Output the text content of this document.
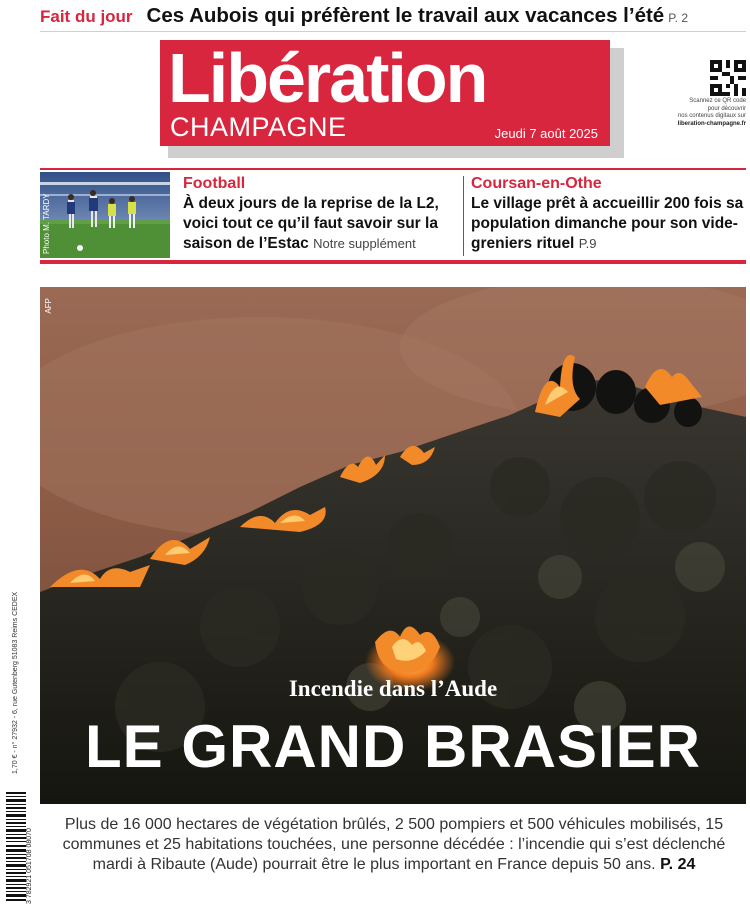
Fait du jour Ces Aubois qui préfèrent le travail aux vacances l’été P. 2
Libération
CHAMPAGNE	Jeudi 7 août 2025
Scannez ce QR code
pour découvrir
nos contenus digitaux sur
liberation-champagne.fr
Photo M. TARDY
Football
À deux jours de la reprise de la L2, voici tout ce qu’il faut savoir sur la saison de l’Estac Notre supplément
Coursan-en-Othe
Le village prêt à accueillir 200 fois sa population dimanche pour son vide-greniers rituel P.9
AFP
Incendie dans l’Aude
LE GRAND BRASIER
1,70 € - n° 27932 - 6, rue Gutenberg 51083 Reims CEDEX
3 782921 051708 08070
Plus de 16 000 hectares de végétation brûlés, 2 500 pompiers et 500 véhicules mobilisés, 15 communes et 25 habitations touchées, une personne décédée : l’incendie qui s’est déclenché mardi à Ribaute (Aude) pourrait être le plus important en France depuis 50 ans. P. 24
